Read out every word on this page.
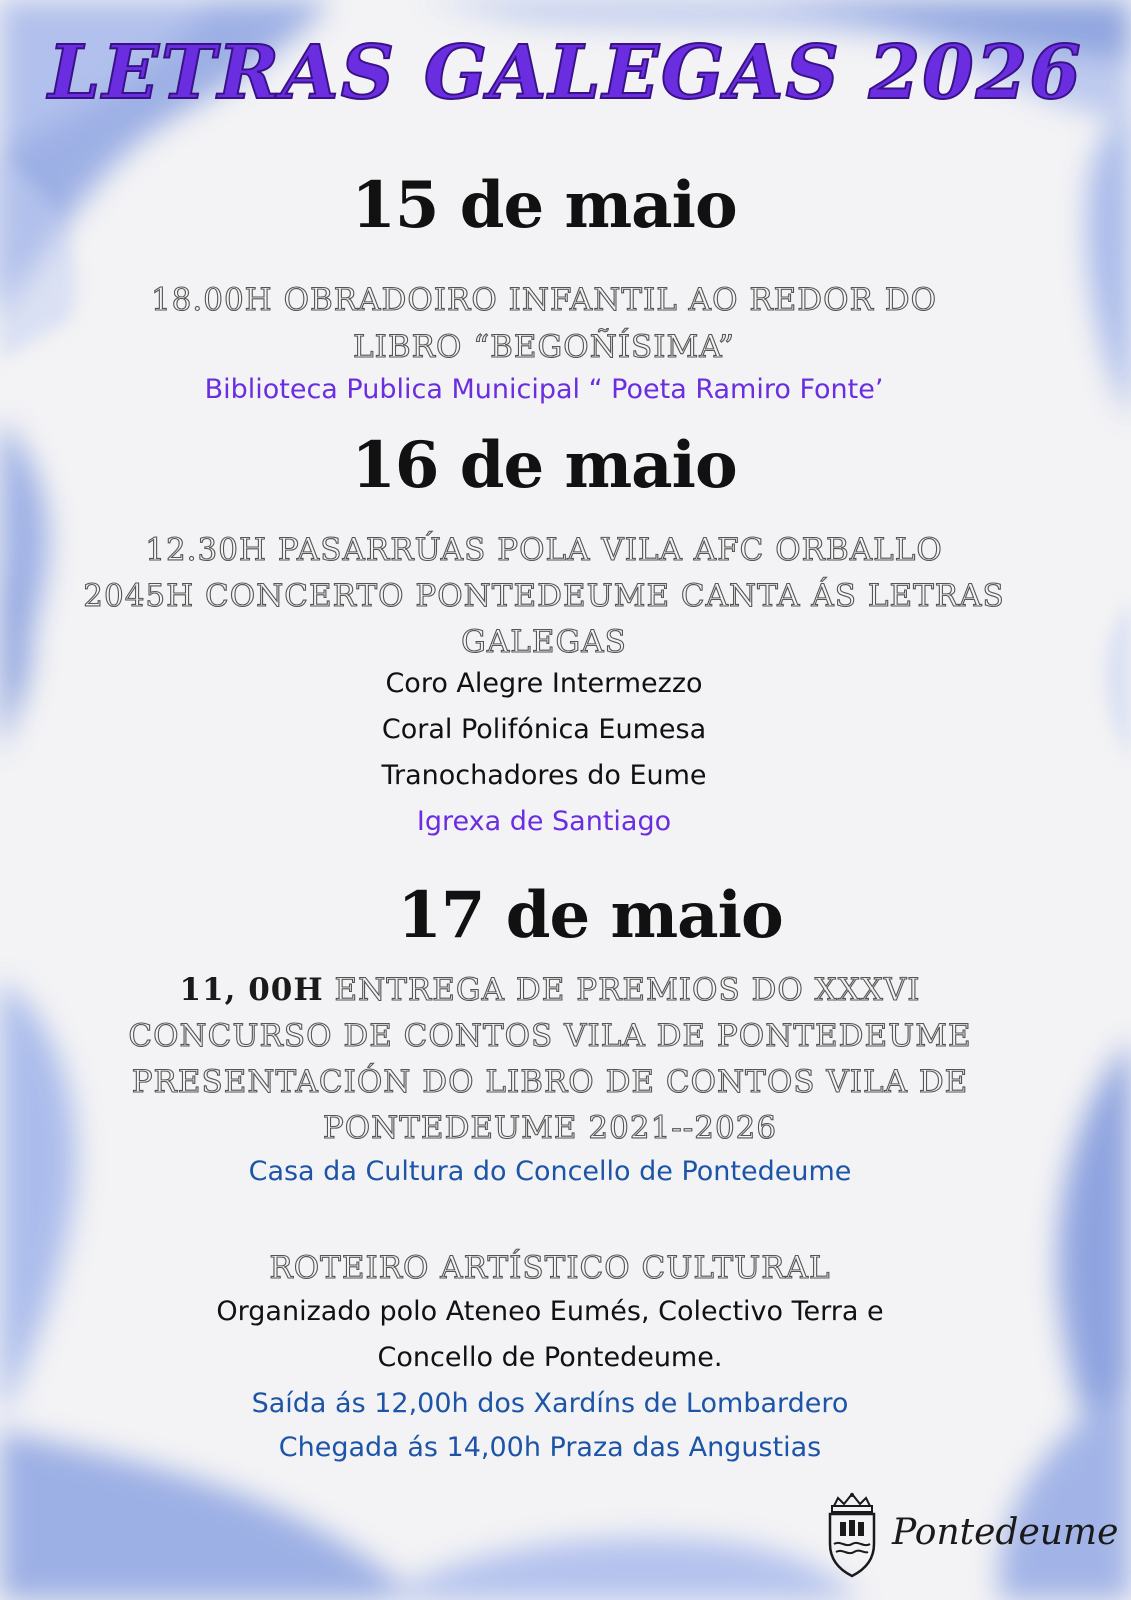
LETRAS GALEGAS 2026
15 de maio
18.00H OBRADOIRO INFANTIL AO REDOR DO
LIBRO “BEGOÑÍSIMA”
Biblioteca Publica Municipal “ Poeta Ramiro Fonte’
16 de maio
12.30H PASARRÚAS POLA VILA AFC ORBALLO
2045H CONCERTO PONTEDEUME CANTA ÁS LETRAS
GALEGAS
Coro Alegre Intermezzo
Coral Polifónica Eumesa
Tranochadores do Eume
Igrexa de Santiago
17 de maio
11, 00H ENTREGA DE PREMIOS DO XXXVI
CONCURSO DE CONTOS VILA DE PONTEDEUME
PRESENTACIÓN DO LIBRO DE CONTOS VILA DE
PONTEDEUME 2021--2026
Casa da Cultura do Concello de Pontedeume
ROTEIRO ARTÍSTICO CULTURAL
Organizado polo Ateneo Eumés, Colectivo Terra e
Concello de Pontedeume.
Saída ás 12,00h dos Xardíns de Lombardero
Chegada ás 14,00h Praza das Angustias
Pontedeume
